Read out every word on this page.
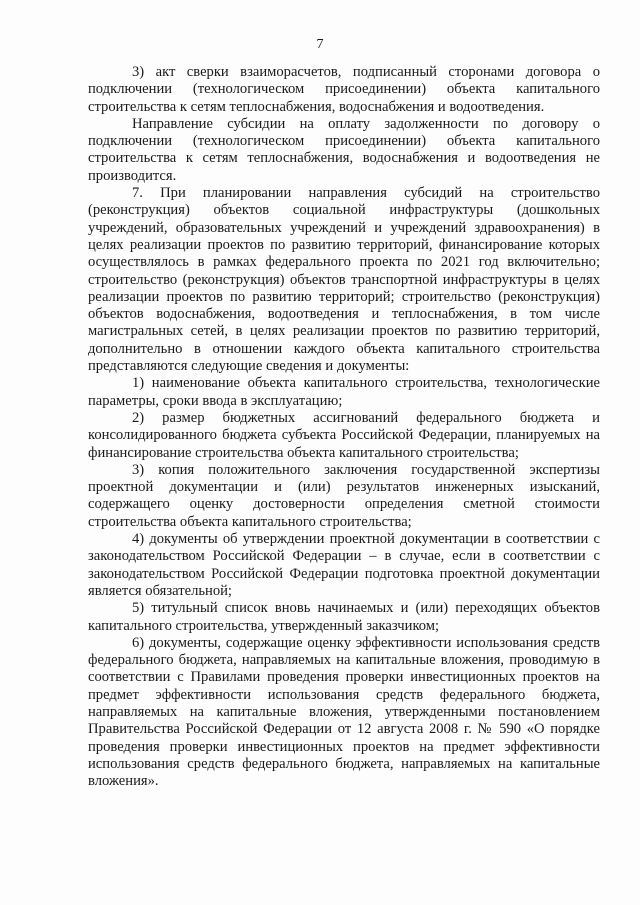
7

3) акт сверки взаиморасчетов, подписанный сторонами договора о подключении (технологическом присоединении) объекта капитального строительства к сетям теплоснабжения, водоснабжения и водоотведения.

Направление субсидии на оплату задолженности по договору о подключении (технологическом присоединении) объекта капитального строительства к сетям теплоснабжения, водоснабжения и водоотведения не производится.

7. При планировании направления субсидий на строительство (реконструкция) объектов социальной инфраструктуры (дошкольных учреждений, образовательных учреждений и учреждений здравоохранения) в целях реализации проектов по развитию территорий, финансирование которых осуществлялось в рамках федерального проекта по 2021 год включительно; строительство (реконструкция) объектов транспортной инфраструктуры в целях реализации проектов по развитию территорий; строительство (реконструкция) объектов водоснабжения, водоотведения и теплоснабжения, в том числе магистральных сетей, в целях реализации проектов по развитию территорий, дополнительно в отношении каждого объекта капитального строительства представляются следующие сведения и документы:

1) наименование объекта капитального строительства, технологические параметры, сроки ввода в эксплуатацию;

2) размер бюджетных ассигнований федерального бюджета и консолидированного бюджета субъекта Российской Федерации, планируемых на финансирование строительства объекта капитального строительства;

3) копия положительного заключения государственной экспертизы проектной документации и (или) результатов инженерных изысканий, содержащего оценку достоверности определения сметной стоимости строительства объекта капитального строительства;

4) документы об утверждении проектной документации в соответствии с законодательством Российской Федерации – в случае, если в соответствии с законодательством Российской Федерации подготовка проектной документации является обязательной;

5) титульный список вновь начинаемых и (или) переходящих объектов капитального строительства, утвержденный заказчиком;

6) документы, содержащие оценку эффективности использования средств федерального бюджета, направляемых на капитальные вложения, проводимую в соответствии с Правилами проведения проверки инвестиционных проектов на предмет эффективности использования средств федерального бюджета, направляемых на капитальные вложения, утвержденными постановлением Правительства Российской Федерации от 12 августа 2008 г. № 590 «О порядке проведения проверки инвестиционных проектов на предмет эффективности использования средств федерального бюджета, направляемых на капитальные вложения».
